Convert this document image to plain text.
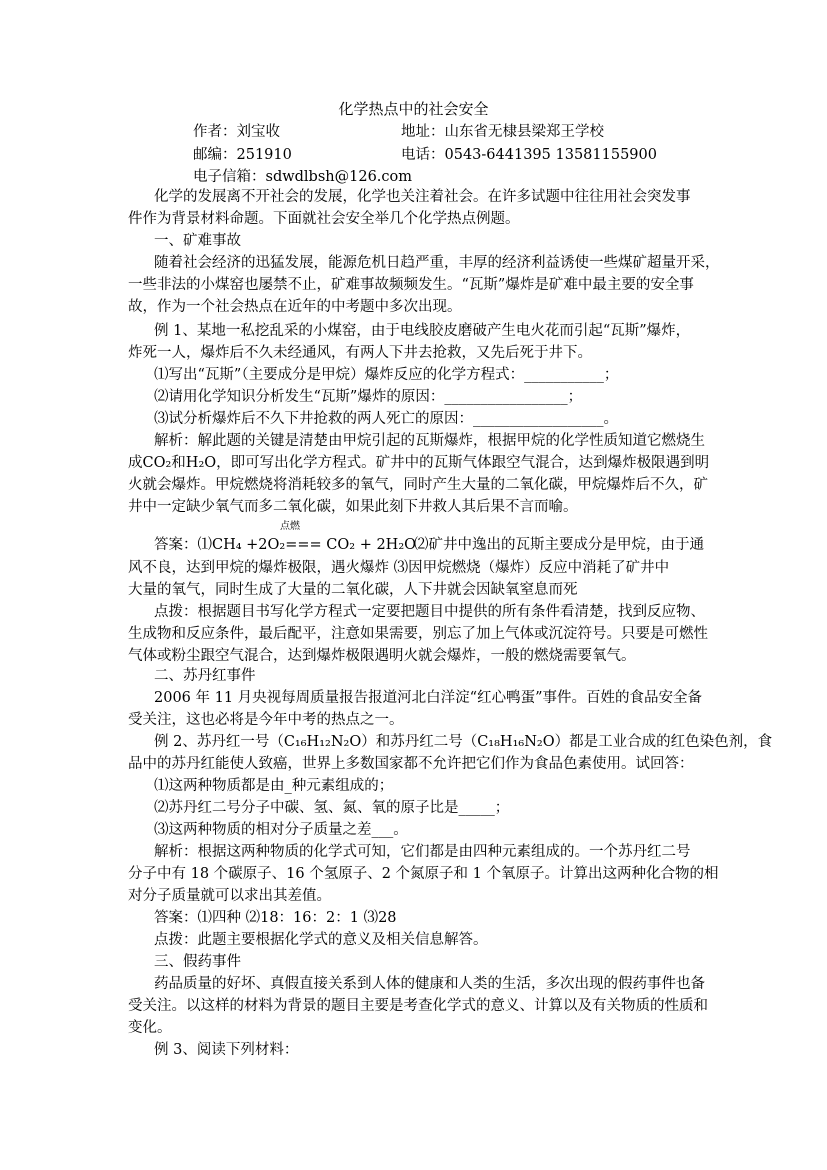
化学热点中的社会安全
作者：刘宝收	地址：山东省无棣县梁郑王学校
邮编：251910	电话：0543-6441395 13581155900
电子信箱：sdwdlbsh@126.com
化学的发展离不开社会的发展，化学也关注着社会。在许多试题中往往用社会突发事
件作为背景材料命题。下面就社会安全举几个化学热点例题。
一、矿难事故
随着社会经济的迅猛发展，能源危机日趋严重，丰厚的经济利益诱使一些煤矿超量开采，
一些非法的小煤窑也屡禁不止，矿难事故频频发生。“瓦斯”爆炸是矿难中最主要的安全事
故，作为一个社会热点在近年的中考题中多次出现。
例 1、某地一私挖乱采的小煤窑，由于电线胶皮磨破产生电火花而引起“瓦斯”爆炸，
炸死一人，爆炸后不久未经通风，有两人下井去抢救，又先后死于井下。
⑴写出“瓦斯”（主要成分是甲烷）爆炸反应的化学方程式：___________；
⑵请用化学知识分析发生“瓦斯”爆炸的原因：_________________；
⑶试分析爆炸后不久下井抢救的两人死亡的原因：__________________。
解析：解此题的关键是清楚由甲烷引起的瓦斯爆炸，根据甲烷的化学性质知道它燃烧生
成CO₂和H₂O，即可写出化学方程式。矿井中的瓦斯气体跟空气混合，达到爆炸极限遇到明
火就会爆炸。甲烷燃烧将消耗较多的氧气，同时产生大量的二氧化碳，甲烷爆炸后不久，矿
井中一定缺少氧气而多二氧化碳，如果此刻下井救人其后果不言而喻。
点燃
答案：⑴CH₄ +2O₂=== CO₂ + 2H₂O
⑵矿井中逸出的瓦斯主要成分是甲烷，由于通
风不良，达到甲烷的爆炸极限，遇火爆炸 ⑶因甲烷燃烧（爆炸）反应中消耗了矿井中
大量的氧气，同时生成了大量的二氧化碳，人下井就会因缺氧窒息而死
点拨：根据题目书写化学方程式一定要把题目中提供的所有条件看清楚，找到反应物、
生成物和反应条件，最后配平，注意如果需要，别忘了加上气体或沉淀符号。只要是可燃性
气体或粉尘跟空气混合，达到爆炸极限遇明火就会爆炸，一般的燃烧需要氧气。
二、苏丹红事件
2006 年 11 月央视每周质量报告报道河北白洋淀“红心鸭蛋”事件。百姓的食品安全备
受关注，这也必将是今年中考的热点之一。
例 2、苏丹红一号（C₁₆H₁₂N₂O）和苏丹红二号（C₁₈H₁₆N₂O）都是工业合成的红色染色剂，食
品中的苏丹红能使人致癌，世界上多数国家都不允许把它们作为食品色素使用。试回答：
⑴这两种物质都是由_种元素组成的；
⑵苏丹红二号分子中碳、氢、氮、氧的原子比是_____；
⑶这两种物质的相对分子质量之差___。
解析：根据这两种物质的化学式可知，它们都是由四种元素组成的。一个苏丹红二号
分子中有 18 个碳原子、16 个氢原子、2 个氮原子和 1 个氧原子。计算出这两种化合物的相
对分子质量就可以求出其差值。
答案：⑴四种 ⑵18：16：2：1 ⑶28
点拨：此题主要根据化学式的意义及相关信息解答。
三、假药事件
药品质量的好坏、真假直接关系到人体的健康和人类的生活，多次出现的假药事件也备
受关注。以这样的材料为背景的题目主要是考查化学式的意义、计算以及有关物质的性质和
变化。
例 3、阅读下列材料：
